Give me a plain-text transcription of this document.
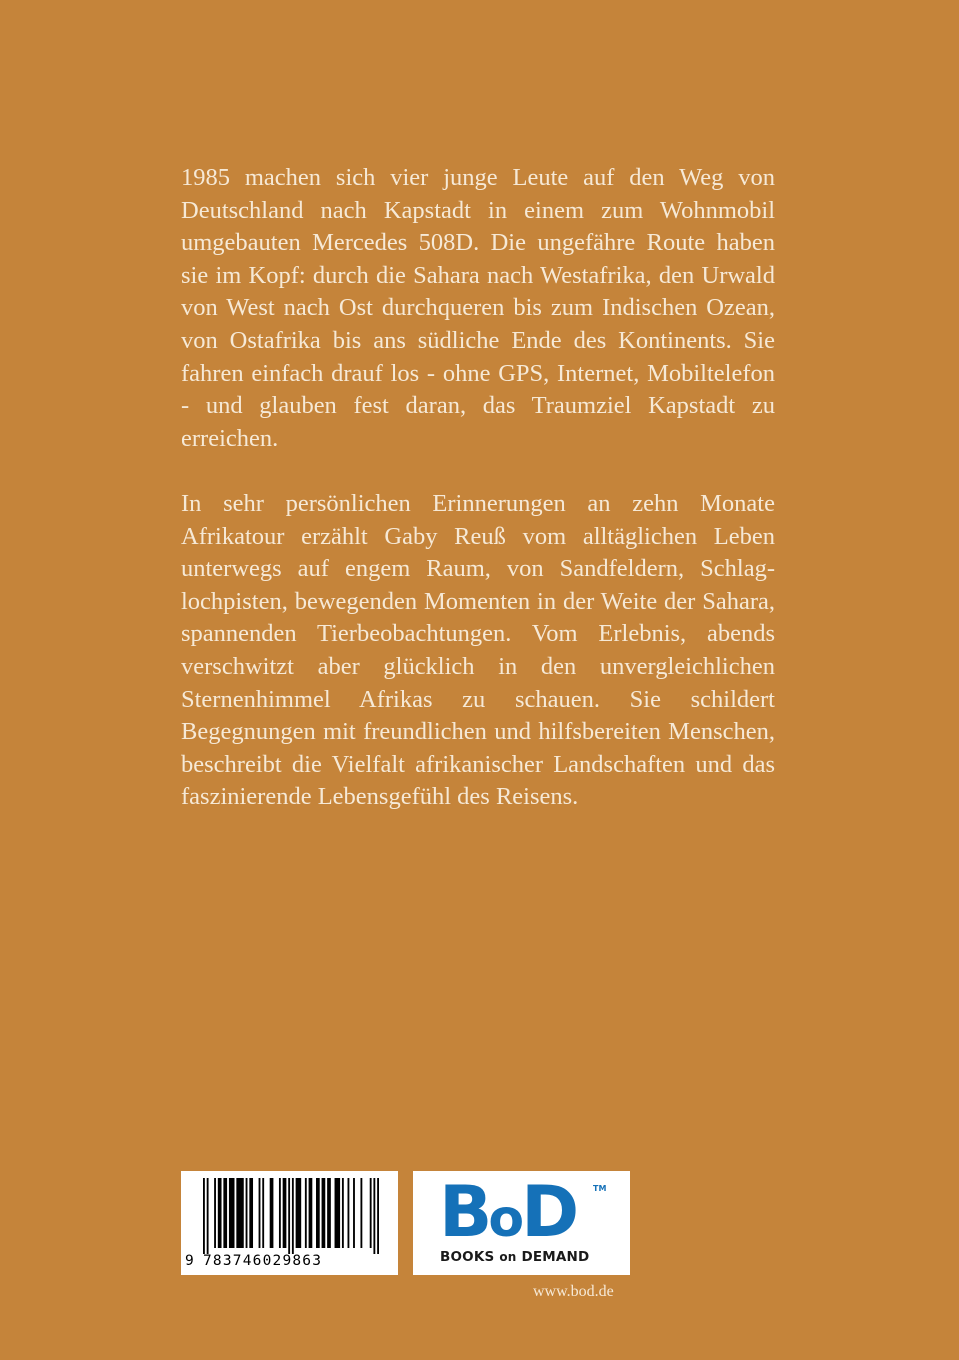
1985 machen sich vier junge Leute auf den Weg von Deutschland nach Kapstadt in einem zum Wohnmobil umgebauten Mercedes 508D. Die ungefähre Route haben sie im Kopf: durch die Sahara nach Westafrika, den Urwald von West nach Ost durchqueren bis zum Indischen Ozean, von Ostafrika bis ans südliche Ende des Kontinents. Sie fahren einfach drauf los - ohne GPS, Internet, Mobiltelefon - und glauben fest daran, das Traumziel Kapstadt zu erreichen.

In sehr persönlichen Erinnerungen an zehn Monate Afrikatour erzählt Gaby Reuß vom alltäglichen Leben unterwegs auf engem Raum, von Sandfeldern, Schlaglochpisten, bewegenden Momenten in der Weite der Sahara, spannenden Tierbeobachtungen. Vom Erlebnis, abends verschwitzt aber glücklich in den unvergleichlichen Sternenhimmel Afrikas zu schauen. Sie schildert Begegnungen mit freundlichen und hilfsbereiten Menschen, beschreibt die Vielfalt afrikanischer Landschaften und das faszinierende Lebensgefühl des Reisens.

9 783746029863
BoD TM
BOOKS on DEMAND
www.bod.de
